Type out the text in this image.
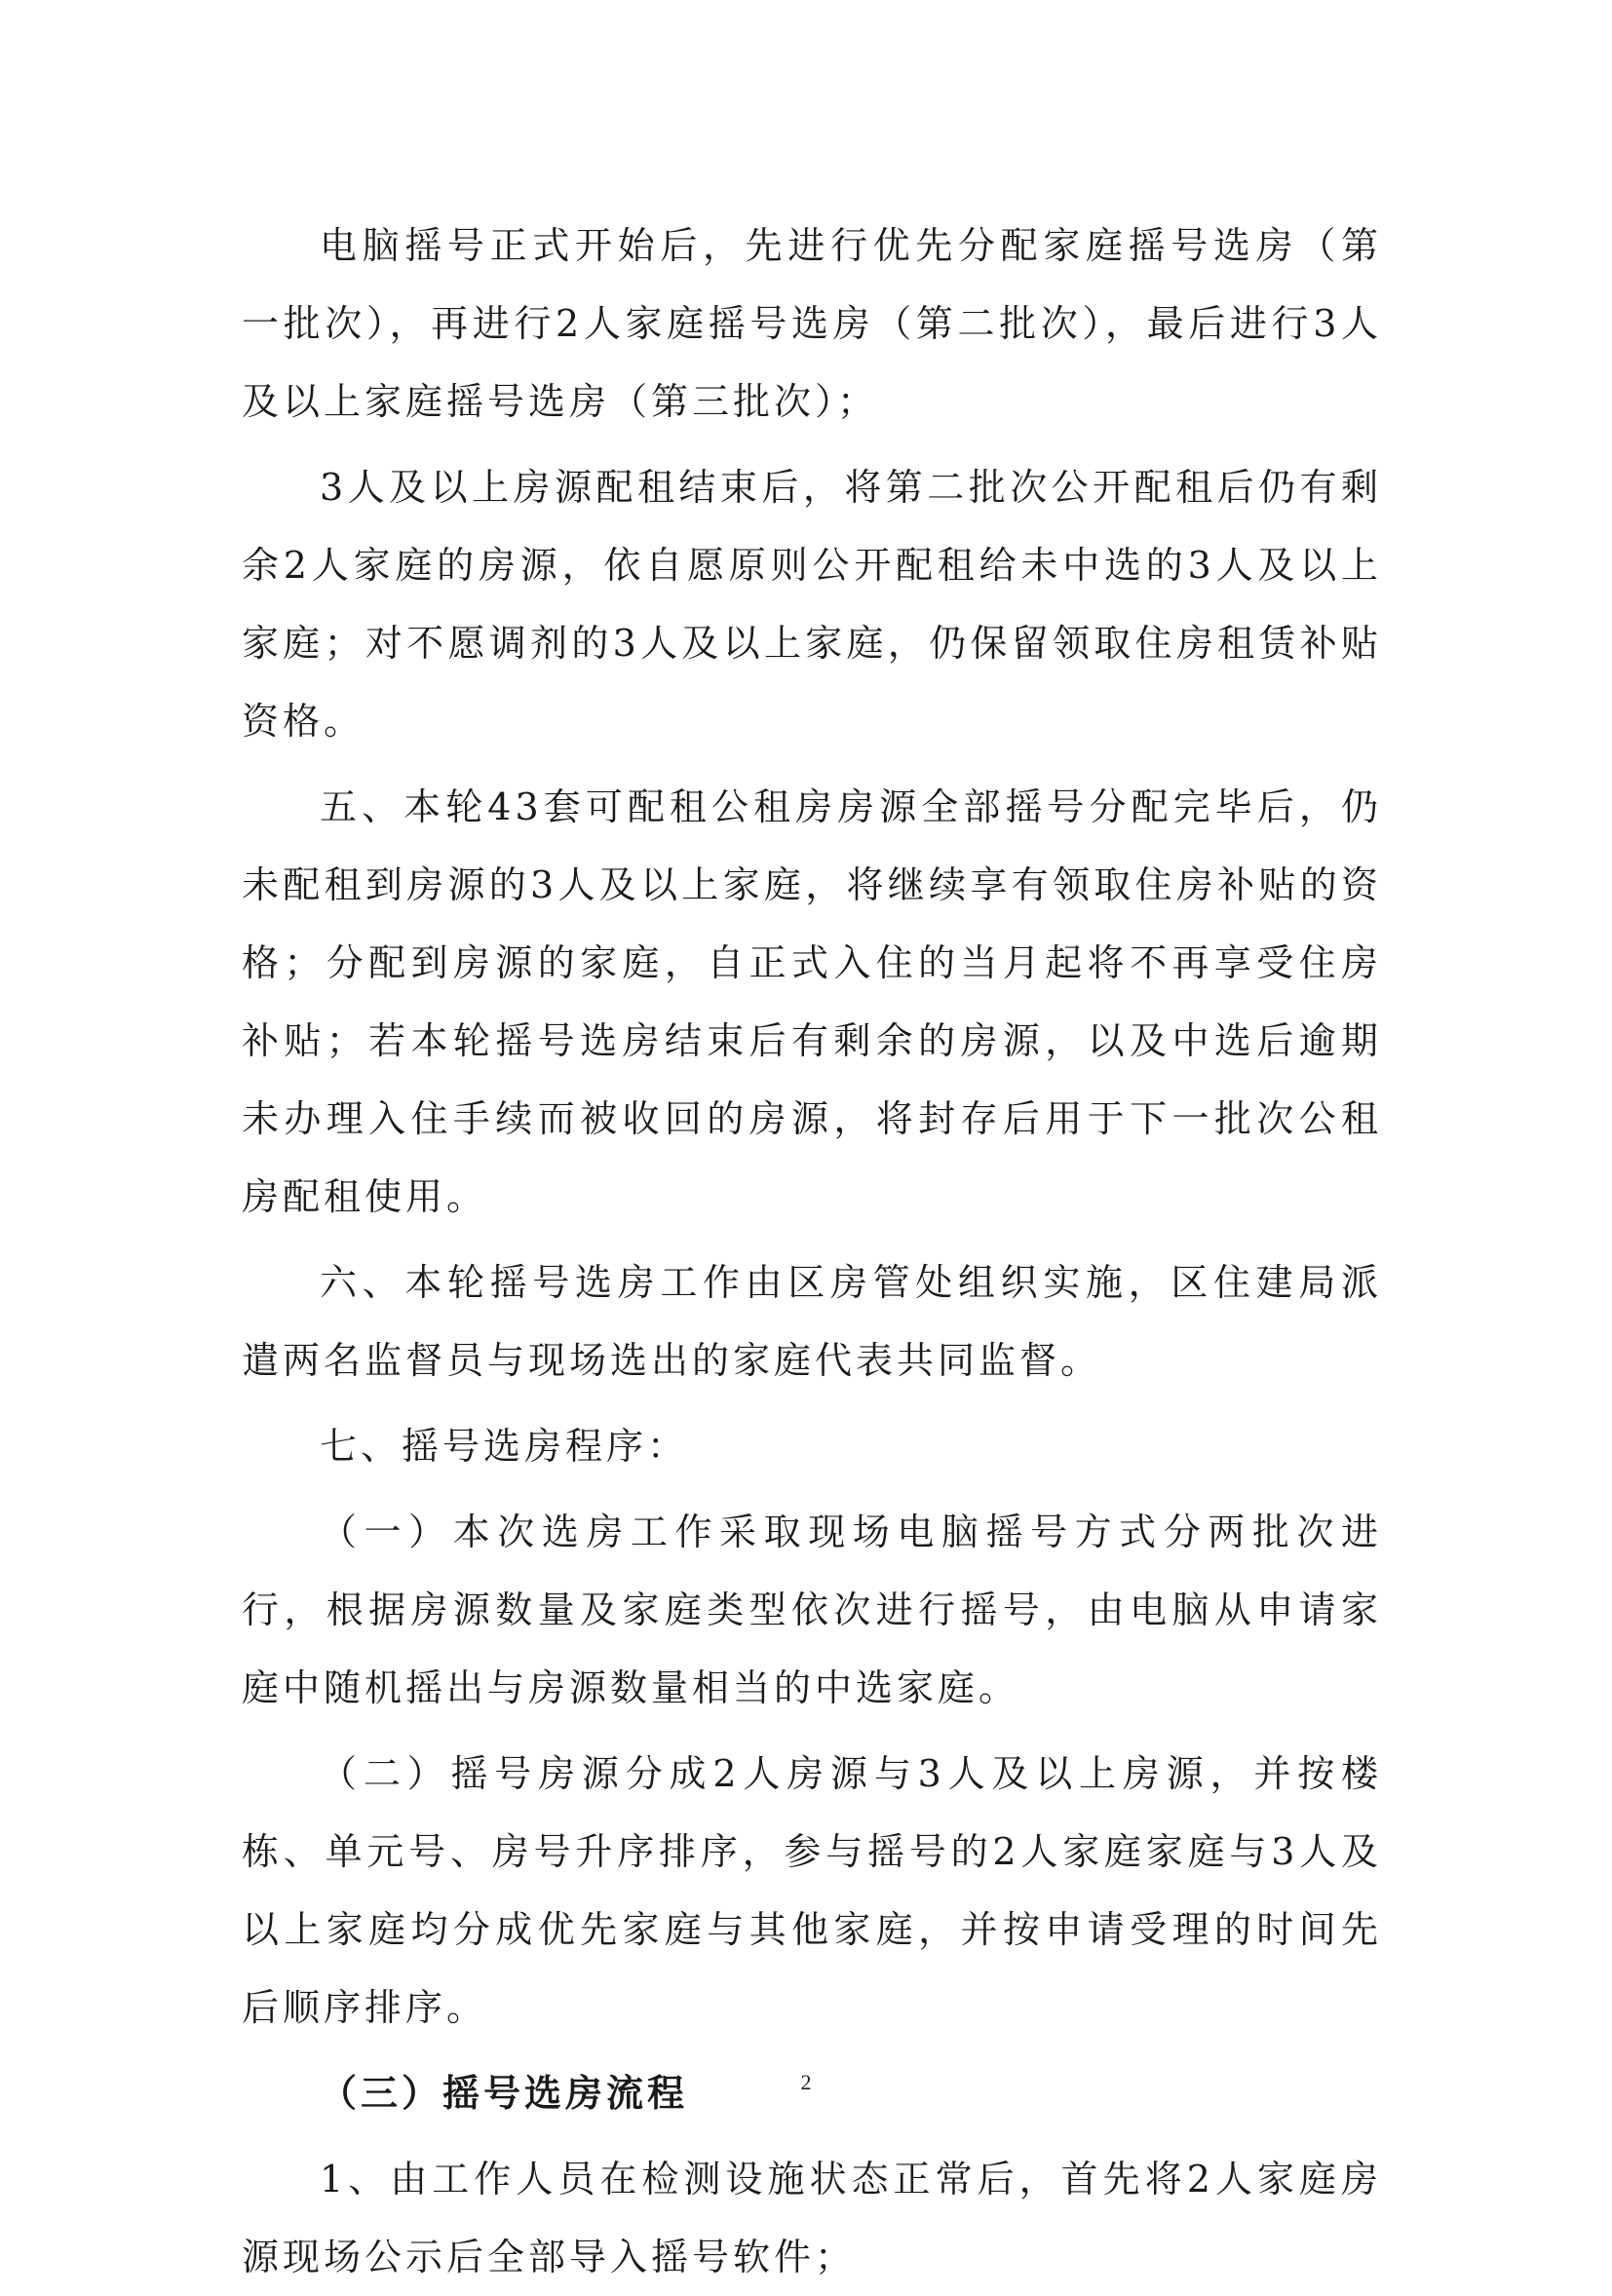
电脑摇号正式开始后，先进行优先分配家庭摇号选房（第一批次），再进行2人家庭摇号选房（第二批次），最后进行3人及以上家庭摇号选房（第三批次）；

3人及以上房源配租结束后，将第二批次公开配租后仍有剩余2人家庭的房源，依自愿原则公开配租给未中选的3人及以上家庭；对不愿调剂的3人及以上家庭，仍保留领取住房租赁补贴资格。

五、本轮43套可配租公租房房源全部摇号分配完毕后，仍未配租到房源的3人及以上家庭，将继续享有领取住房补贴的资格；分配到房源的家庭，自正式入住的当月起将不再享受住房补贴；若本轮摇号选房结束后有剩余的房源，以及中选后逾期未办理入住手续而被收回的房源，将封存后用于下一批次公租房配租使用。

六、本轮摇号选房工作由区房管处组织实施，区住建局派遣两名监督员与现场选出的家庭代表共同监督。

七、摇号选房程序：

（一）本次选房工作采取现场电脑摇号方式分两批次进行，根据房源数量及家庭类型依次进行摇号，由电脑从申请家庭中随机摇出与房源数量相当的中选家庭。

（二）摇号房源分成2人房源与3人及以上房源，并按楼栋、单元号、房号升序排序，参与摇号的2人家庭家庭与3人及以上家庭均分成优先家庭与其他家庭，并按申请受理的时间先后顺序排序。

（三）摇号选房流程

1、由工作人员在检测设施状态正常后，首先将2人家庭房源现场公示后全部导入摇号软件；

2
